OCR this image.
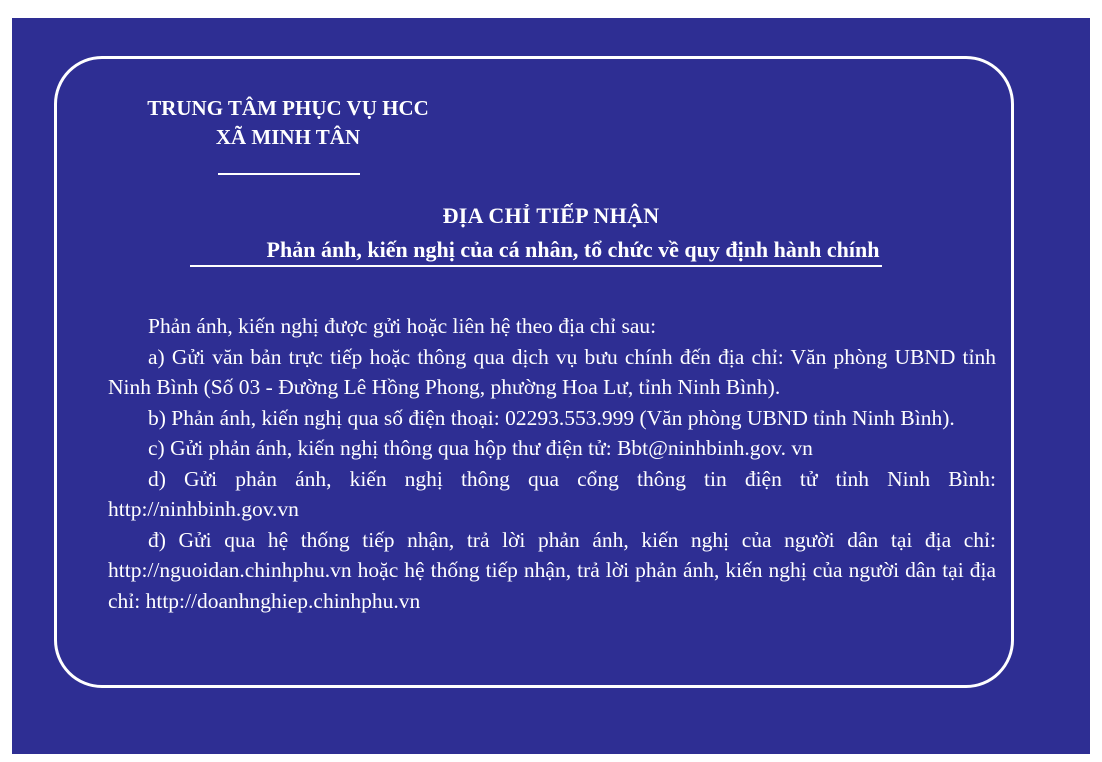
TRUNG TÂM PHỤC VỤ HCC
XÃ MINH TÂN
ĐỊA CHỈ TIẾP NHẬN
Phản ánh, kiến nghị của cá nhân, tổ chức về quy định hành chính

Phản ánh, kiến nghị được gửi hoặc liên hệ theo địa chỉ sau:

a) Gửi văn bản trực tiếp hoặc thông qua dịch vụ bưu chính đến địa chỉ: Văn phòng UBND tỉnh Ninh Bình (Số 03 - Đường Lê Hồng Phong, phường Hoa Lư, tỉnh Ninh Bình).

b) Phản ánh, kiến nghị qua số điện thoại: 02293.553.999 (Văn phòng UBND tỉnh Ninh Bình).

c) Gửi phản ánh, kiến nghị thông qua hộp thư điện tử: Bbt@ninhbinh.gov. vn

d) Gửi phản ánh, kiến nghị thông qua cổng thông tin điện tử tỉnh Ninh Bình: http://ninhbinh.gov.vn

đ) Gửi qua hệ thống tiếp nhận, trả lời phản ánh, kiến nghị của người dân tại địa chỉ: http://nguoidan.chinhphu.vn hoặc hệ thống tiếp nhận, trả lời phản ánh, kiến nghị của người dân tại địa chỉ: http://doanhnghiep.chinhphu.vn
